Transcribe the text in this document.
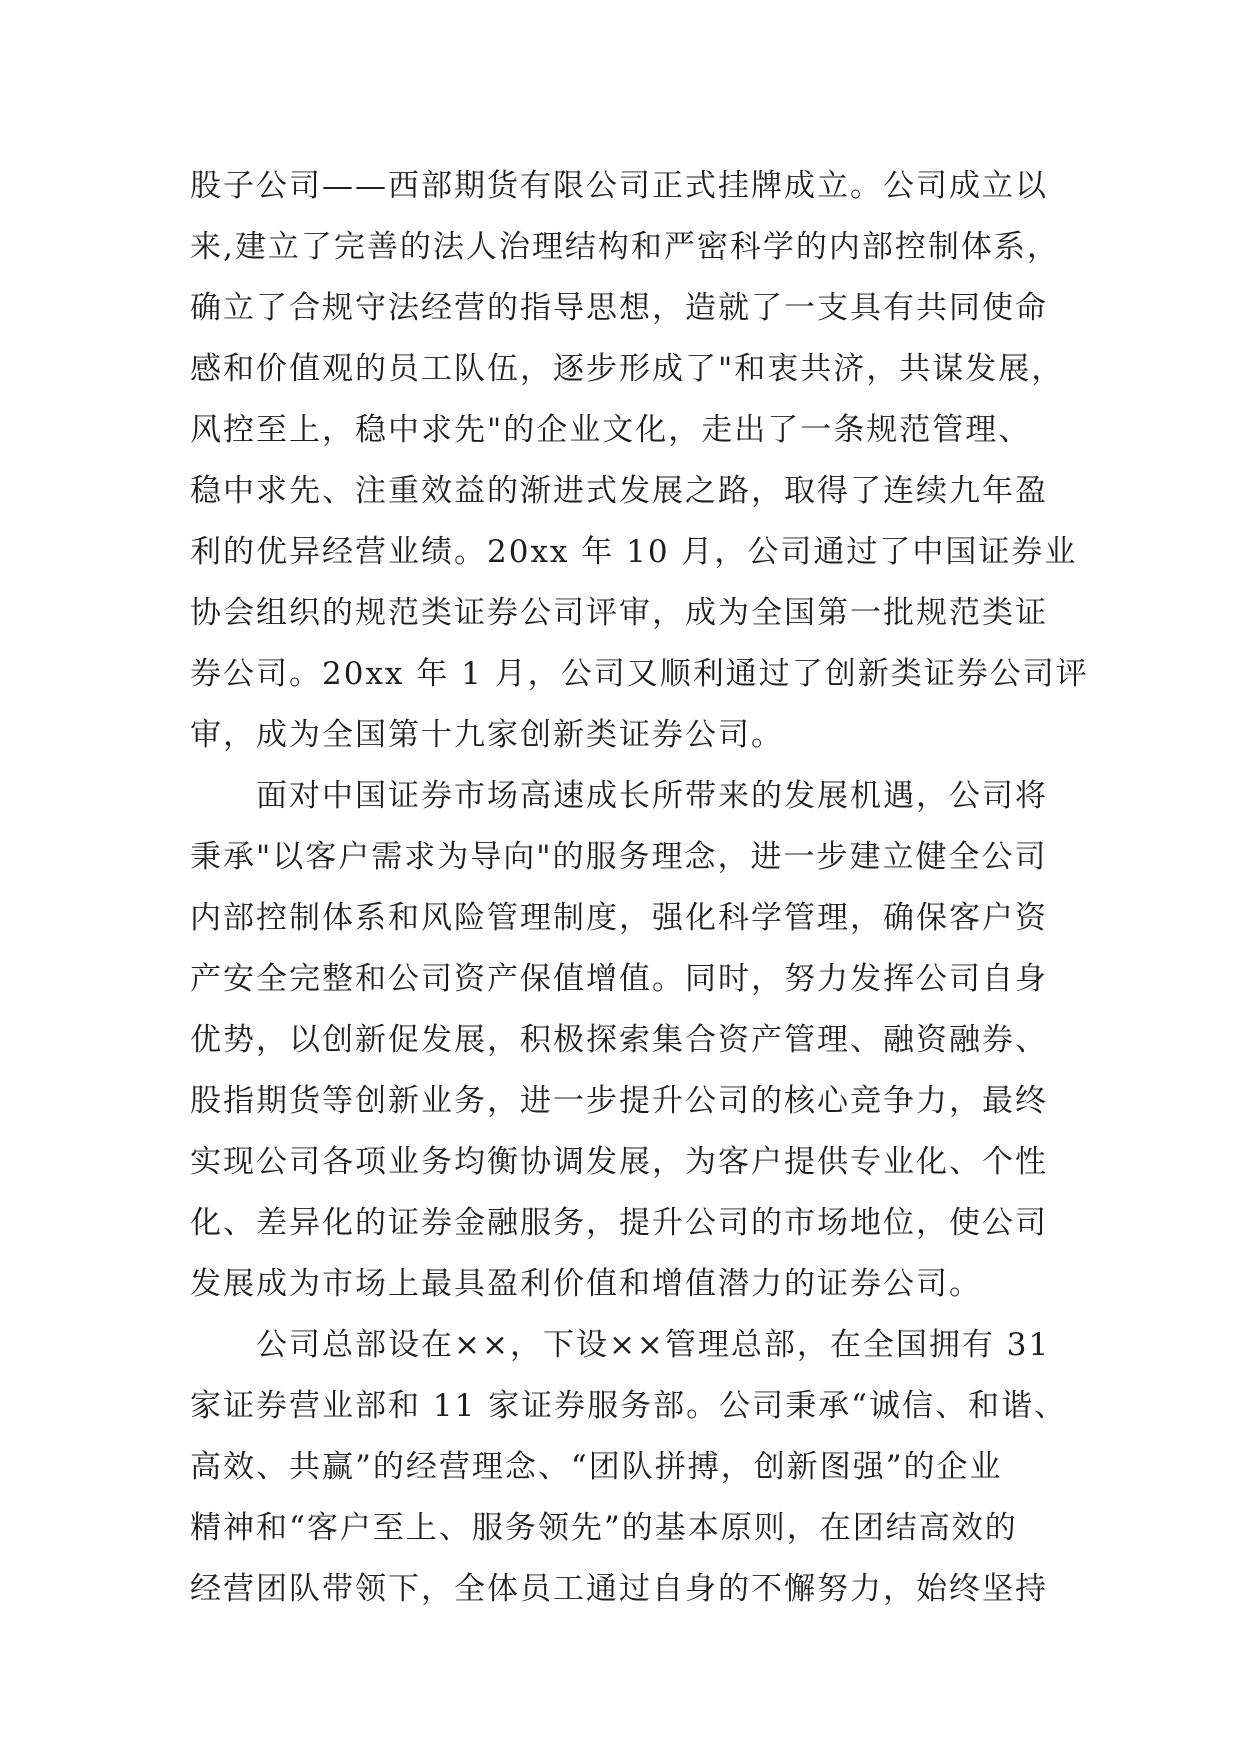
股子公司——西部期货有限公司正式挂牌成立。公司成立以
来,建立了完善的法人治理结构和严密科学的内部控制体系，
确立了合规守法经营的指导思想，造就了一支具有共同使命
感和价值观的员工队伍，逐步形成了"和衷共济，共谋发展，
风控至上，稳中求先"的企业文化，走出了一条规范管理、
稳中求先、注重效益的渐进式发展之路，取得了连续九年盈
利的优异经营业绩。20xx 年 10 月，公司通过了中国证券业
协会组织的规范类证券公司评审，成为全国第一批规范类证
券公司。20xx 年 1 月，公司又顺利通过了创新类证券公司评
审，成为全国第十九家创新类证券公司。
　　面对中国证券市场高速成长所带来的发展机遇，公司将
秉承"以客户需求为导向"的服务理念，进一步建立健全公司
内部控制体系和风险管理制度，强化科学管理，确保客户资
产安全完整和公司资产保值增值。同时，努力发挥公司自身
优势，以创新促发展，积极探索集合资产管理、融资融券、
股指期货等创新业务，进一步提升公司的核心竞争力，最终
实现公司各项业务均衡协调发展，为客户提供专业化、个性
化、差异化的证券金融服务，提升公司的市场地位，使公司
发展成为市场上最具盈利价值和增值潜力的证券公司。
　　公司总部设在××，下设××管理总部，在全国拥有 31
家证券营业部和 11 家证券服务部。公司秉承“诚信、和谐、
高效、共赢”的经营理念、“团队拼搏，创新图强”的企业
精神和“客户至上、服务领先”的基本原则，在团结高效的
经营团队带领下，全体员工通过自身的不懈努力，始终坚持
